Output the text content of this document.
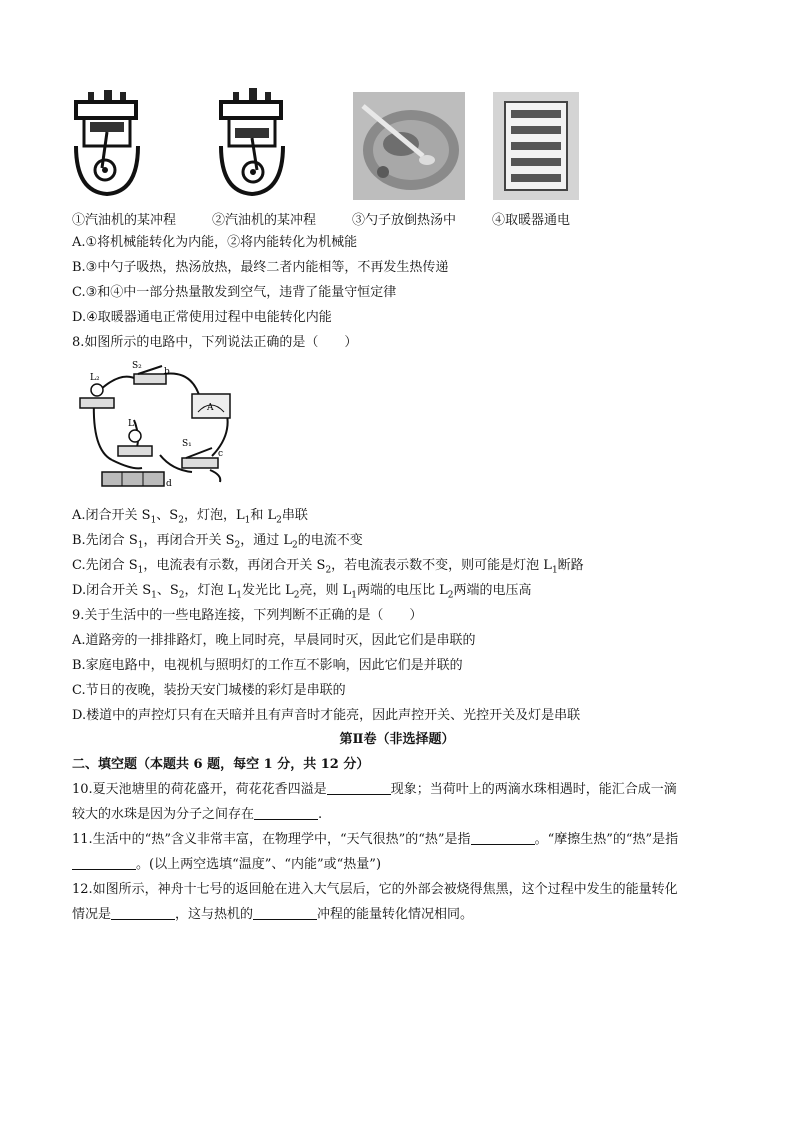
①汽油机的某冲程	②汽油机的某冲程	③勺子放倒热汤中	④取暖器通电
A.①将机械能转化为内能，②将内能转化为机械能
B.③中勺子吸热，热汤放热，最终二者内能相等，不再发生热传递
C.③和④中一部分热量散发到空气，违背了能量守恒定律
D.④取暖器通电正常使用过程中电能转化内能
8.如图所示的电路中，下列说法正确的是（　　）
S₂
b
L₂
L₁
A
S₁
c
d
A.闭合开关 $S_1$、$S_2$，灯泡，$L_1$和 $L_2$串联
B.先闭合 $S_1$，再闭合开关 $S_2$，通过 $L_2$的电流不变
C.先闭合 $S_1$，电流表有示数，再闭合开关 $S_2$，若电流表示数不变，则可能是灯泡 $L_1$断路
D.闭合开关 $S_1$、$S_2$，灯泡 $L_1$发光比 $L_2$亮，则 $L_1$两端的电压比 $L_2$两端的电压高
9.关于生活中的一些电路连接，下列判断不正确的是（　　）
A.道路旁的一排排路灯，晚上同时亮，早晨同时灭，因此它们是串联的
B.家庭电路中，电视机与照明灯的工作互不影响，因此它们是并联的
C.节日的夜晚，装扮天安门城楼的彩灯是串联的
D.楼道中的声控灯只有在天暗并且有声音时才能亮，因此声控开关、光控开关及灯是串联
第Ⅱ卷（非选择题）
二、填空题（本题共 6 题，每空 1 分，共 12 分）
10.夏天池塘里的荷花盛开，荷花花香四溢是	现象；当荷叶上的两滴水珠相遇时，能汇合成一滴
较大的水珠是因为分子之间存在	.
11.生活中的“热”含义非常丰富，在物理学中，“天气很热”的“热”是指	。“摩擦生热”的“热”是指
。(以上两空选填“温度”、“内能”或“热量”)
12.如图所示，神舟十七号的返回舱在进入大气层后，它的外部会被烧得焦黑，这个过程中发生的能量转化
情况是	，这与热机的	冲程的能量转化情况相同。
